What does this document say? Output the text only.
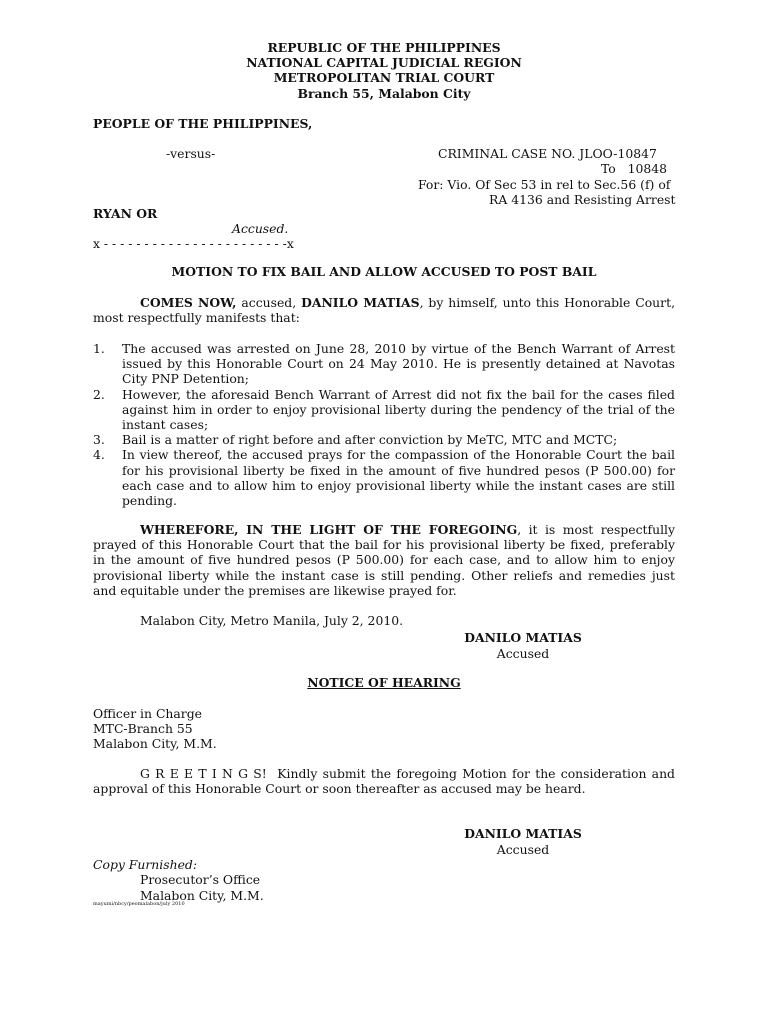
REPUBLIC OF THE PHILIPPINES
NATIONAL CAPITAL JUDICIAL REGION
METROPOLITAN TRIAL COURT
Branch 55, Malabon City
PEOPLE OF THE PHILIPPINES,
-versus-	CRIMINAL CASE NO. JLOO-10847
To   10848
For: Vio. Of Sec 53 in rel to Sec.56 (f) of
RA 4136 and Resisting Arrest
RYAN OR
Accused.
x - - - - - - - - - - - - - - - - - - - - - - -x
MOTION TO FIX BAIL AND ALLOW ACCUSED TO POST BAIL
COMES NOW, accused, DANILO MATIAS, by himself, unto this Honorable Court, most respectfully manifests that:
1. The accused was arrested on June 28, 2010 by virtue of the Bench Warrant of Arrest issued by this Honorable Court on 24 May 2010. He is presently detained at Navotas City PNP Detention;
2. However, the aforesaid Bench Warrant of Arrest did not fix the bail for the cases filed against him in order to enjoy provisional liberty during the pendency of the trial of the instant cases;
3. Bail is a matter of right before and after conviction by MeTC, MTC and MCTC;
4. In view thereof, the accused prays for the compassion of the Honorable Court the bail for his provisional liberty be fixed in the amount of five hundred pesos (P 500.00) for each case and to allow him to enjoy provisional liberty while the instant cases are still pending.
WHEREFORE, IN THE LIGHT OF THE FOREGOING, it is most respectfully prayed of this Honorable Court that the bail for his provisional liberty be fixed, preferably in the amount of five hundred pesos (P 500.00) for each case, and to allow him to enjoy provisional liberty while the instant case is still pending. Other reliefs and remedies just and equitable under the premises are likewise prayed for.
Malabon City, Metro Manila, July 2, 2010.
DANILO MATIAS
Accused
NOTICE OF HEARING
Officer in Charge
MTC-Branch 55
Malabon City, M.M.
G R E E T I N G S!  Kindly submit the foregoing Motion for the consideration and approval of this Honorable Court or soon thereafter as accused may be heard.
DANILO MATIAS
Accused
Copy Furnished:
Prosecutor’s Office
Malabon City, M.M.
mayumi/nbcy/peomalabon/july 2010
